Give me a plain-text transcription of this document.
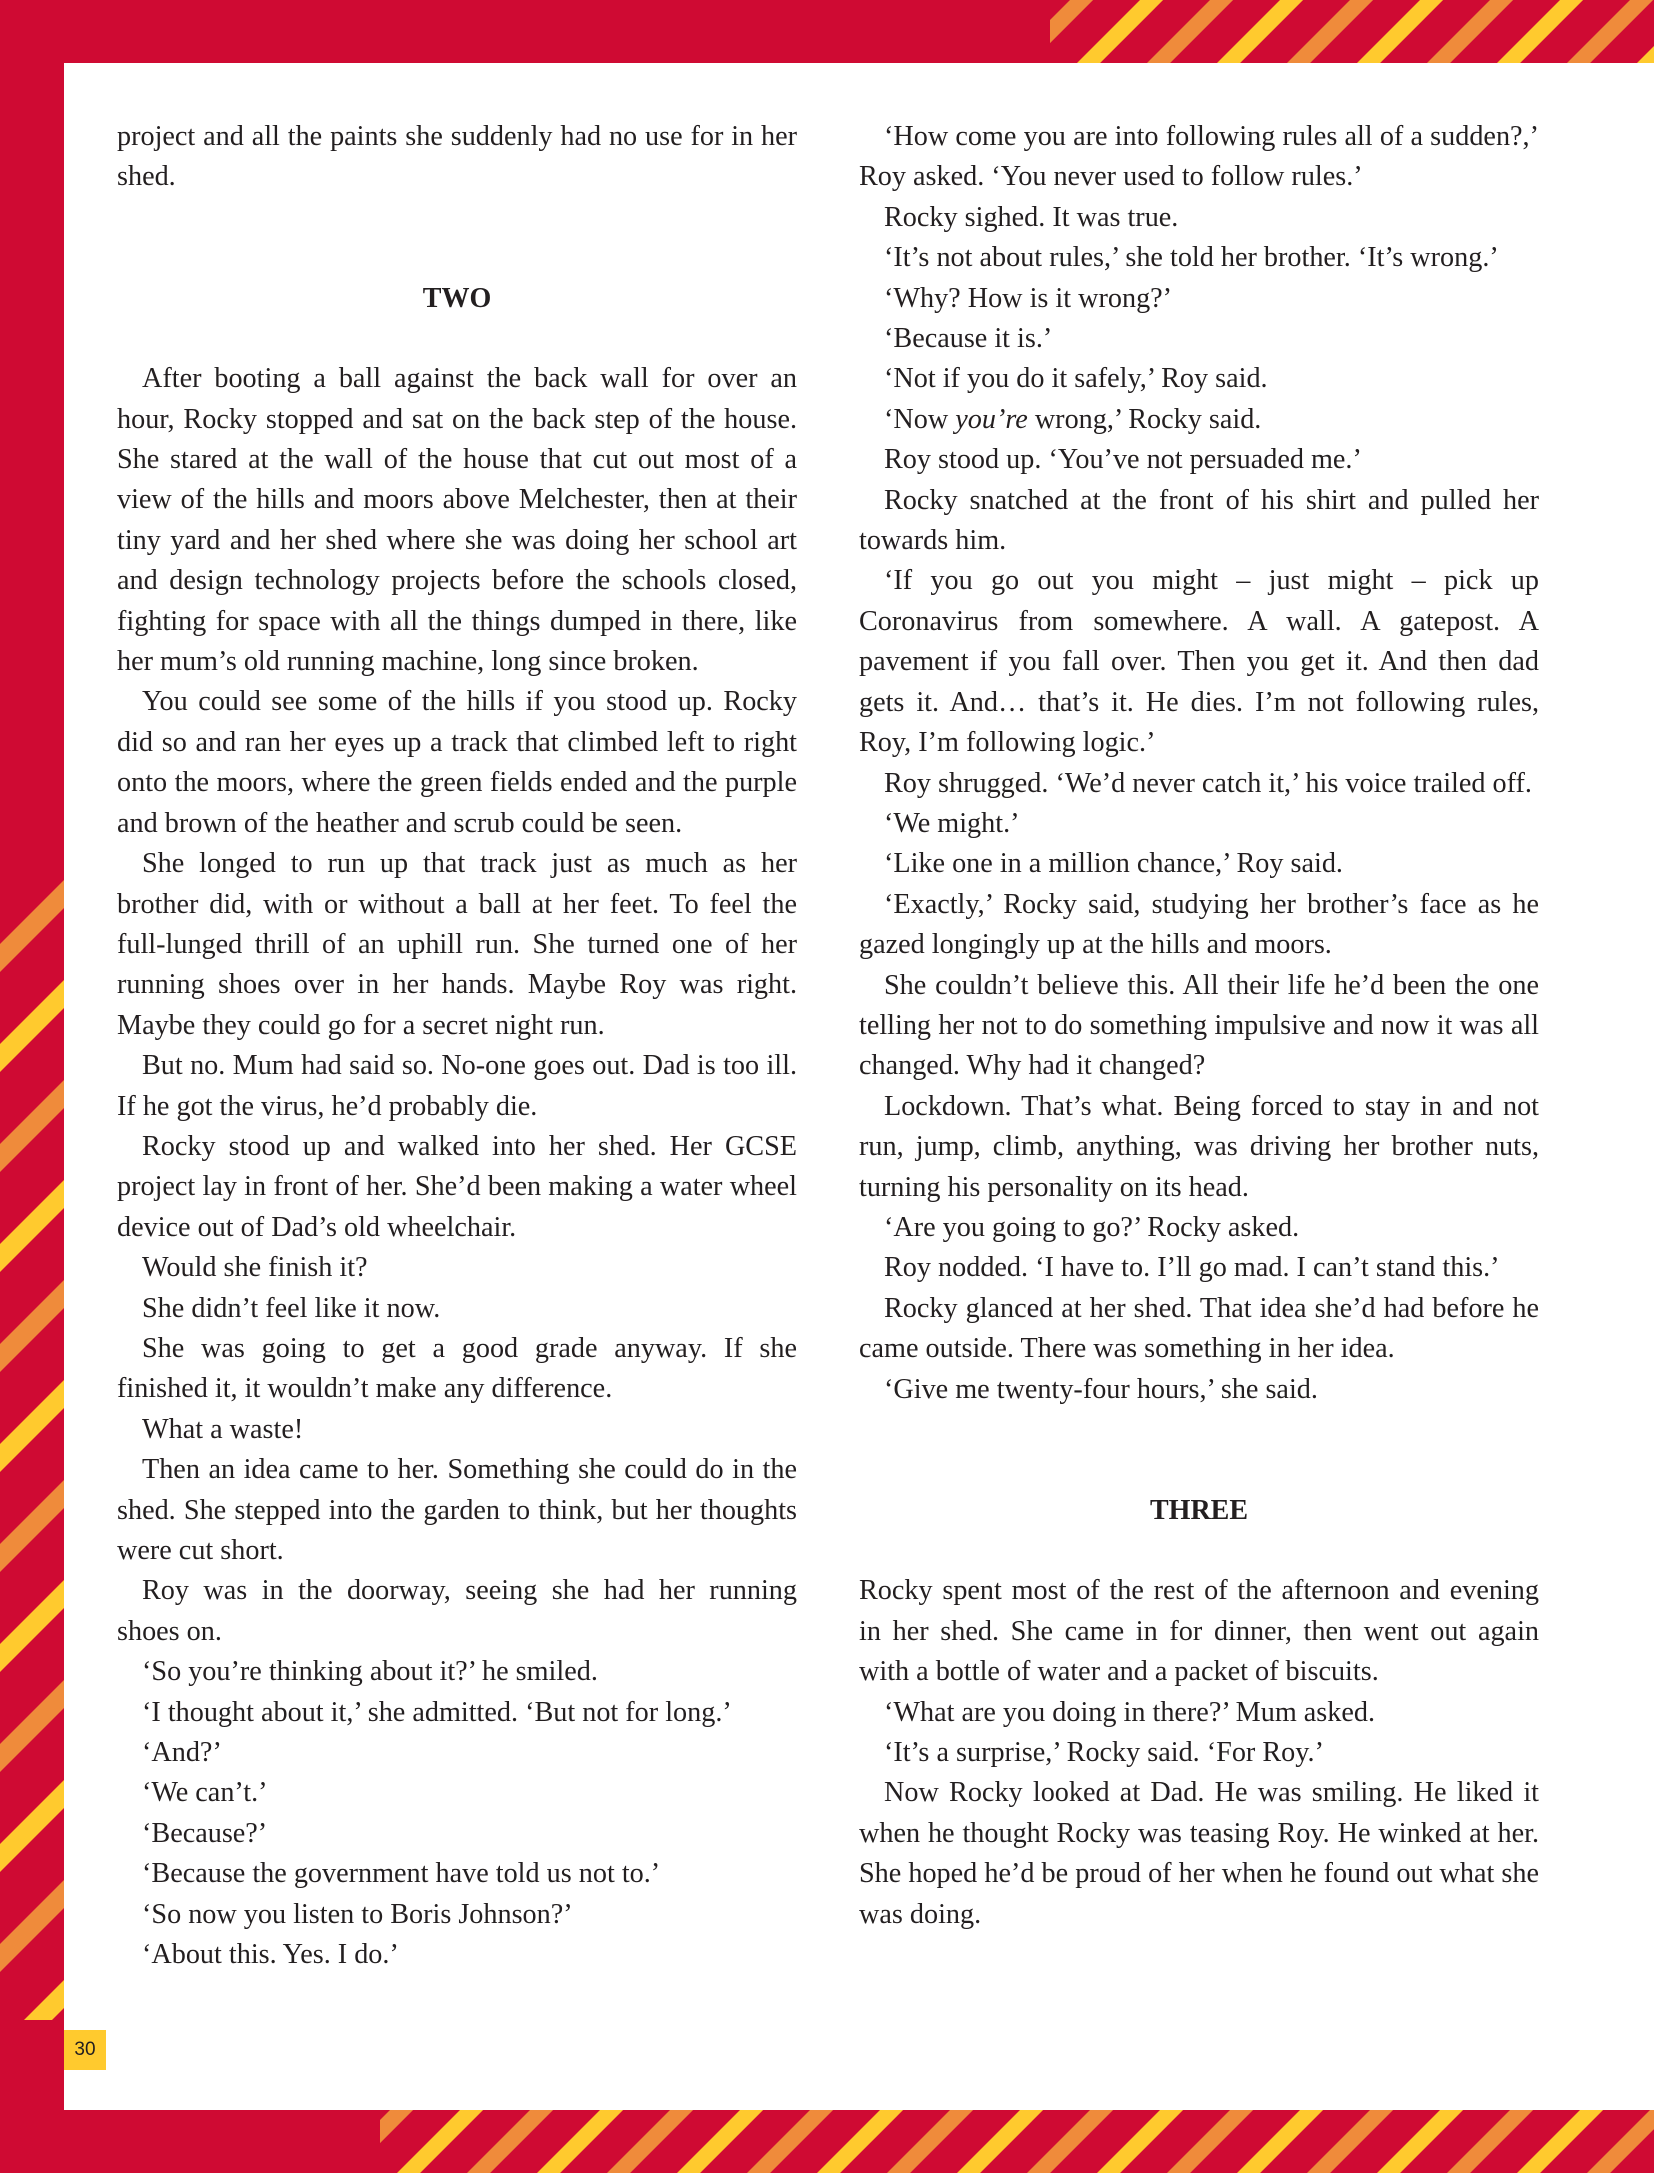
project and all the paints she suddenly had no use for in her shed.

TWO

After booting a ball against the back wall for over an hour, Rocky stopped and sat on the back step of the house. She stared at the wall of the house that cut out most of a view of the hills and moors above Melchester, then at their tiny yard and her shed where she was doing her school art and design technology projects before the schools closed, fighting for space with all the things dumped in there, like her mum’s old running machine, long since broken.

You could see some of the hills if you stood up. Rocky did so and ran her eyes up a track that climbed left to right onto the moors, where the green fields ended and the purple and brown of the heather and scrub could be seen.

She longed to run up that track just as much as her brother did, with or without a ball at her feet. To feel the full-lunged thrill of an uphill run. She turned one of her running shoes over in her hands. Maybe Roy was right. Maybe they could go for a secret night run.

But no. Mum had said so. No-one goes out. Dad is too ill. If he got the virus, he’d probably die.

Rocky stood up and walked into her shed. Her GCSE project lay in front of her. She’d been making a water wheel device out of Dad’s old wheelchair.

Would she finish it?

She didn’t feel like it now.

She was going to get a good grade anyway. If she finished it, it wouldn’t make any difference.

What a waste!

Then an idea came to her. Something she could do in the shed. She stepped into the garden to think, but her thoughts were cut short.

Roy was in the doorway, seeing she had her running shoes on.

‘So you’re thinking about it?’ he smiled.

‘I thought about it,’ she admitted. ‘But not for long.’

‘And?’

‘We can’t.’

‘Because?’

‘Because the government have told us not to.’

‘So now you listen to Boris Johnson?’

‘About this. Yes. I do.’

‘How come you are into following rules all of a sudden?,’ Roy asked. ‘You never used to follow rules.’

Rocky sighed. It was true.

‘It’s not about rules,’ she told her brother. ‘It’s wrong.’

‘Why? How is it wrong?’

‘Because it is.’

‘Not if you do it safely,’ Roy said.

‘Now you’re wrong,’ Rocky said.

Roy stood up. ‘You’ve not persuaded me.’

Rocky snatched at the front of his shirt and pulled her towards him.

‘If you go out you might – just might – pick up Coronavirus from somewhere. A wall. A gatepost. A pavement if you fall over. Then you get it. And then dad gets it. And… that’s it. He dies. I’m not following rules, Roy, I’m following logic.’

Roy shrugged. ‘We’d never catch it,’ his voice trailed off.

‘We might.’

‘Like one in a million chance,’ Roy said.

‘Exactly,’ Rocky said, studying her brother’s face as he gazed longingly up at the hills and moors.

She couldn’t believe this. All their life he’d been the one telling her not to do something impulsive and now it was all changed. Why had it changed?

Lockdown. That’s what. Being forced to stay in and not run, jump, climb, anything, was driving her brother nuts, turning his personality on its head.

‘Are you going to go?’ Rocky asked.

Roy nodded. ‘I have to. I’ll go mad. I can’t stand this.’

Rocky glanced at her shed. That idea she’d had before he came outside. There was something in her idea.

‘Give me twenty-four hours,’ she said.

THREE

Rocky spent most of the rest of the afternoon and evening in her shed. She came in for dinner, then went out again with a bottle of water and a packet of biscuits.

‘What are you doing in there?’ Mum asked.

‘It’s a surprise,’ Rocky said. ‘For Roy.’

Now Rocky looked at Dad. He was smiling. He liked it when he thought Rocky was teasing Roy. He winked at her. She hoped he’d be proud of her when he found out what she was doing.

30
